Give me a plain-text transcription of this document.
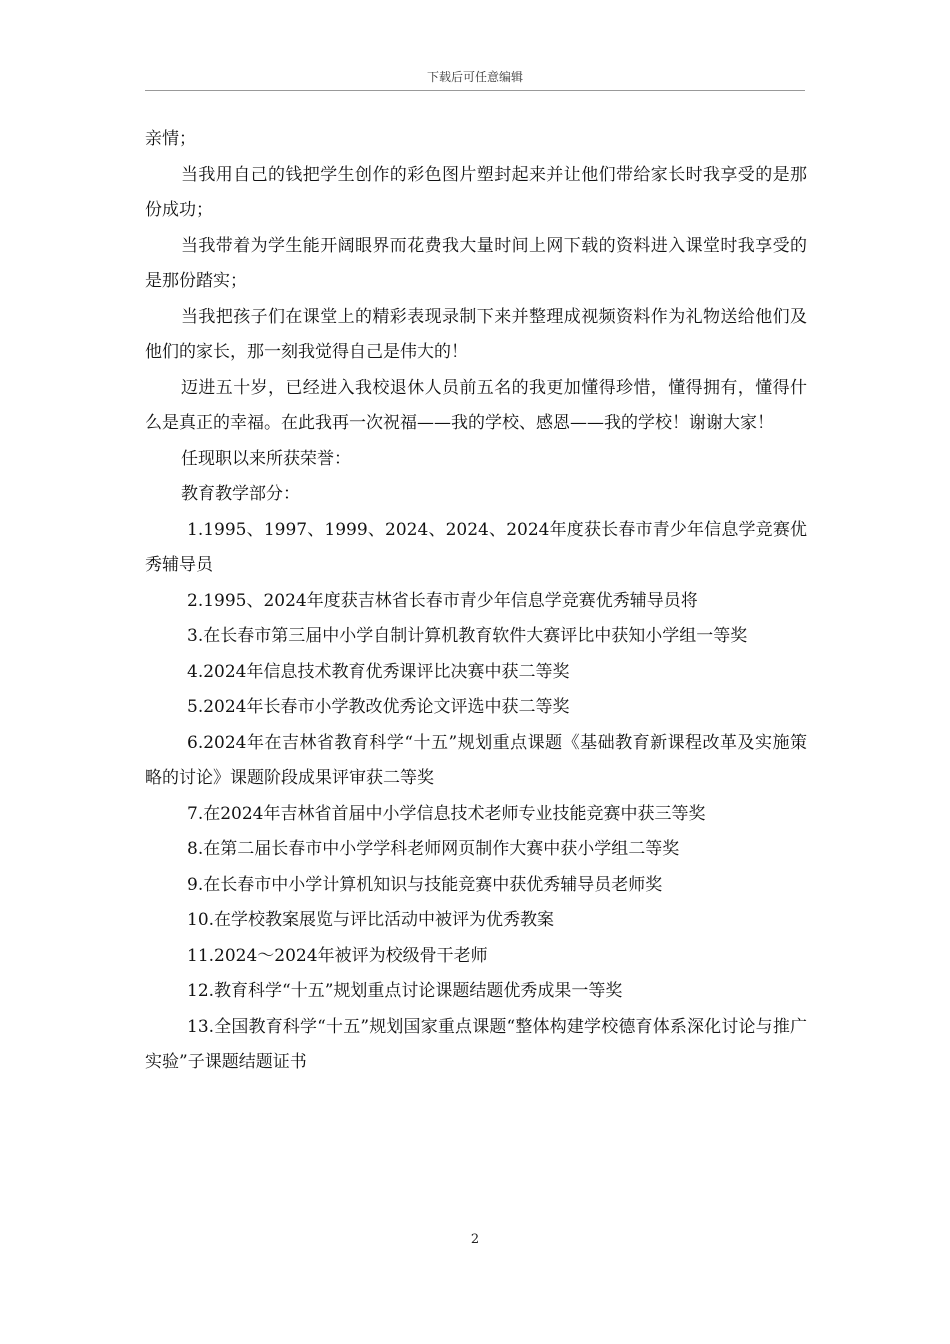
下载后可任意编辑

亲情；

当我用自己的钱把学生创作的彩色图片塑封起来并让他们带给家长时我享受的是那份成功；

当我带着为学生能开阔眼界而花费我大量时间上网下载的资料进入课堂时我享受的是那份踏实；

当我把孩子们在课堂上的精彩表现录制下来并整理成视频资料作为礼物送给他们及他们的家长，那一刻我觉得自己是伟大的！

迈进五十岁，已经进入我校退休人员前五名的我更加懂得珍惜，懂得拥有，懂得什么是真正的幸福。在此我再一次祝福——我的学校、感恩——我的学校！谢谢大家！

任现职以来所获荣誉：

教育教学部分：

1.1995、1997、1999、2024、2024、2024年度获长春市青少年信息学竞赛优秀辅导员

2.1995、2024年度获吉林省长春市青少年信息学竞赛优秀辅导员将

3.在长春市第三届中小学自制计算机教育软件大赛评比中获知小学组一等奖

4.2024年信息技术教育优秀课评比决赛中获二等奖

5.2024年长春市小学教改优秀论文评选中获二等奖

6.2024年在吉林省教育科学“十五”规划重点课题《基础教育新课程改革及实施策略的讨论》课题阶段成果评审获二等奖

7.在2024年吉林省首届中小学信息技术老师专业技能竞赛中获三等奖

8.在第二届长春市中小学学科老师网页制作大赛中获小学组二等奖

9.在长春市中小学计算机知识与技能竞赛中获优秀辅导员老师奖

10.在学校教案展览与评比活动中被评为优秀教案

11.2024～2024年被评为校级骨干老师

12.教育科学“十五”规划重点讨论课题结题优秀成果一等奖

13.全国教育科学“十五”规划国家重点课题“整体构建学校德育体系深化讨论与推广实验”子课题结题证书

2
